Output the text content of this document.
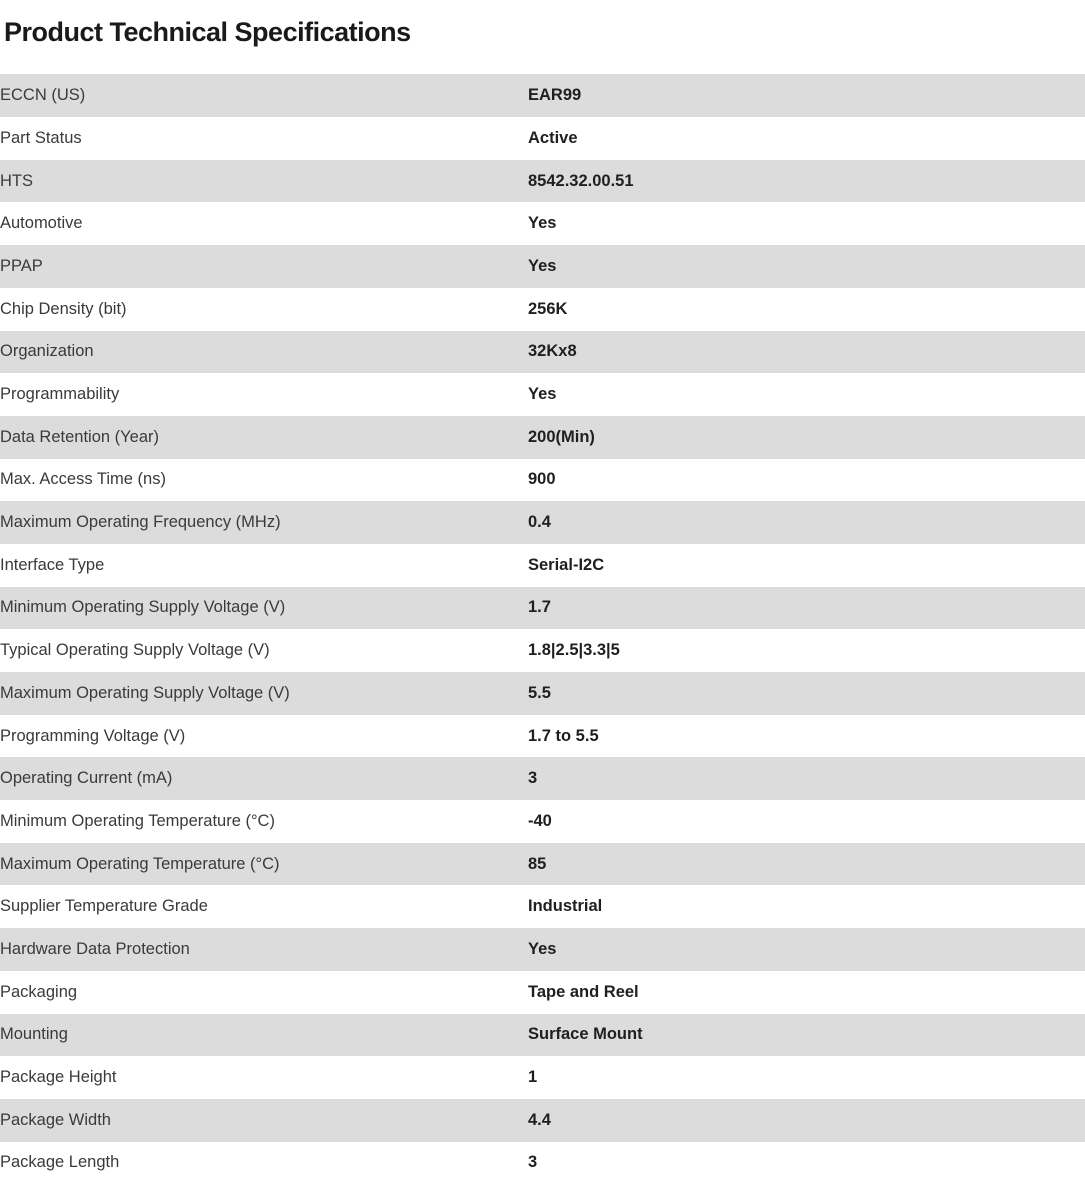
Product Technical Specifications
ECCN (US)	EAR99
Part Status	Active
HTS	8542.32.00.51
Automotive	Yes
PPAP	Yes
Chip Density (bit)	256K
Organization	32Kx8
Programmability	Yes
Data Retention (Year)	200(Min)
Max. Access Time (ns)	900
Maximum Operating Frequency (MHz)	0.4
Interface Type	Serial-I2C
Minimum Operating Supply Voltage (V)	1.7
Typical Operating Supply Voltage (V)	1.8|2.5|3.3|5
Maximum Operating Supply Voltage (V)	5.5
Programming Voltage (V)	1.7 to 5.5
Operating Current (mA)	3
Minimum Operating Temperature (°C)	-40
Maximum Operating Temperature (°C)	85
Supplier Temperature Grade	Industrial
Hardware Data Protection	Yes
Packaging	Tape and Reel
Mounting	Surface Mount
Package Height	1
Package Width	4.4
Package Length	3
